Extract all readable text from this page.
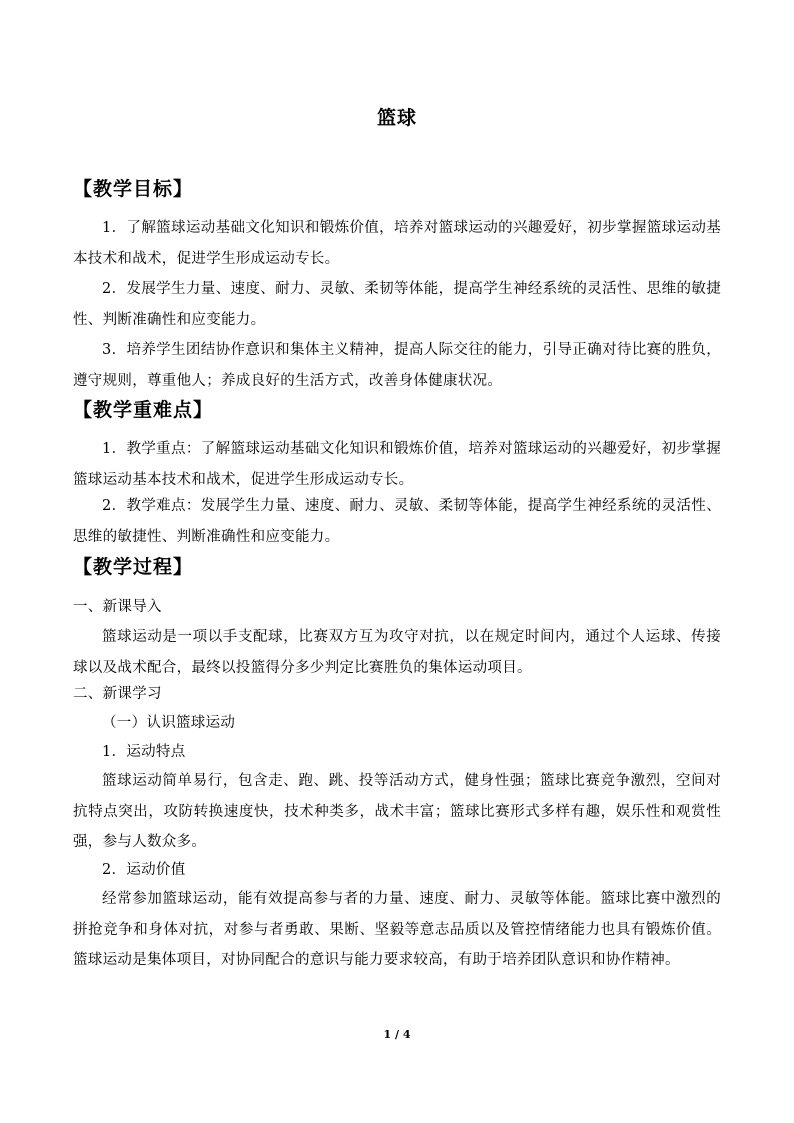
篮球
【教学目标】
1．了解篮球运动基础文化知识和锻炼价值，培养对篮球运动的兴趣爱好，初步掌握篮球运动基本技术和战术，促进学生形成运动专长。
2．发展学生力量、速度、耐力、灵敏、柔韧等体能，提高学生神经系统的灵活性、思维的敏捷性、判断准确性和应变能力。
3．培养学生团结协作意识和集体主义精神，提高人际交往的能力，引导正确对待比赛的胜负，遵守规则，尊重他人；养成良好的生活方式，改善身体健康状况。
【教学重难点】
1．教学重点：了解篮球运动基础文化知识和锻炼价值，培养对篮球运动的兴趣爱好，初步掌握篮球运动基本技术和战术，促进学生形成运动专长。
2．教学难点：发展学生力量、速度、耐力、灵敏、柔韧等体能，提高学生神经系统的灵活性、思维的敏捷性、判断准确性和应变能力。
【教学过程】
一、新课导入
篮球运动是一项以手支配球，比赛双方互为攻守对抗，以在规定时间内，通过个人运球、传接球以及战术配合，最终以投篮得分多少判定比赛胜负的集体运动项目。
二、新课学习
（一）认识篮球运动
1．运动特点
篮球运动简单易行，包含走、跑、跳、投等活动方式，健身性强；篮球比赛竞争激烈，空间对抗特点突出，攻防转换速度快，技术种类多，战术丰富；篮球比赛形式多样有趣，娱乐性和观赏性强，参与人数众多。
2．运动价值
经常参加篮球运动，能有效提高参与者的力量、速度、耐力、灵敏等体能。篮球比赛中激烈的拼抢竞争和身体对抗，对参与者勇敢、果断、坚毅等意志品质以及管控情绪能力也具有锻炼价值。篮球运动是集体项目，对协同配合的意识与能力要求较高，有助于培养团队意识和协作精神。
1 / 4
